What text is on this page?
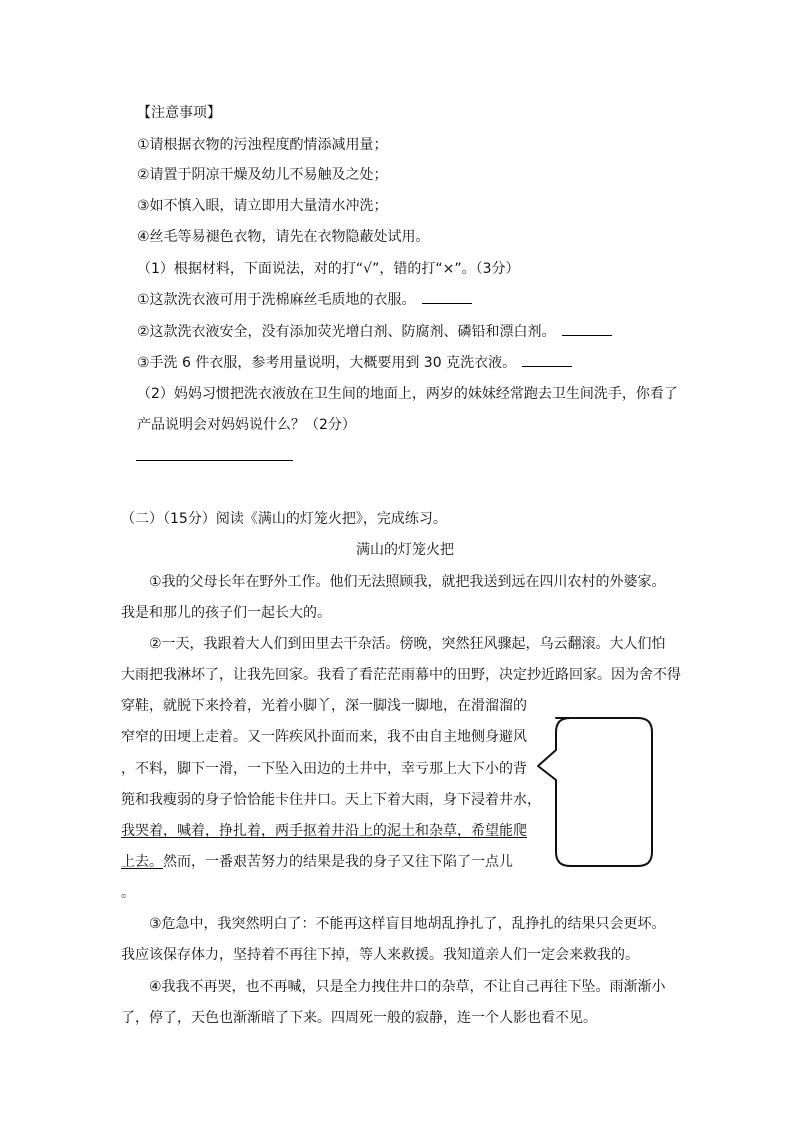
【注意事项】
①请根据衣物的污浊程度酌情添减用量；
②请置于阴凉干燥及幼儿不易触及之处；
③如不慎入眼，请立即用大量清水冲洗；
④丝毛等易褪色衣物，请先在衣物隐蔽处试用。
（1）根据材料，下面说法，对的打“√”，错的打“×”。（3分）
①这款洗衣液可用于洗棉麻丝毛质地的衣服。
②这款洗衣液安全，没有添加荧光增白剂、防腐剂、磷铅和漂白剂。
③手洗 6 件衣服，参考用量说明，大概要用到 30 克洗衣液。
（2）妈妈习惯把洗衣液放在卫生间的地面上，两岁的妹妹经常跑去卫生间洗手，你看了
产品说明会对妈妈说什么？（2分）
（二）（15分）阅读《满山的灯笼火把》，完成练习。
满山的灯笼火把
①我的父母长年在野外工作。他们无法照顾我，就把我送到远在四川农村的外婆家。
我是和那儿的孩子们一起长大的。
②一天，我跟着大人们到田里去干杂活。傍晚，突然狂风骤起，乌云翻滚。大人们怕
大雨把我淋坏了，让我先回家。我看了看茫茫雨幕中的田野，决定抄近路回家。因为舍不得
穿鞋，就脱下来拎着，光着小脚丫，深一脚浅一脚地，在滑溜溜的
窄窄的田埂上走着。又一阵疾风扑面而来，我不由自主地侧身避风
，不料，脚下一滑，一下坠入田边的土井中，幸亏那上大下小的背
篼和我瘦弱的身子恰恰能卡住井口。天上下着大雨，身下浸着井水，
我哭着，喊着，挣扎着，两手抠着井沿上的泥土和杂草，希望能爬
上去。然而，一番艰苦努力的结果是我的身子又往下陷了一点儿
。
③危急中，我突然明白了：不能再这样盲目地胡乱挣扎了，乱挣扎的结果只会更坏。
我应该保存体力，坚持着不再往下掉，等人来救援。我知道亲人们一定会来救我的。
④我我不再哭，也不再喊，只是全力拽住井口的杂草，不让自己再往下坠。雨渐渐小
了，停了，天色也渐渐暗了下来。四周死一般的寂静，连一个人影也看不见。
